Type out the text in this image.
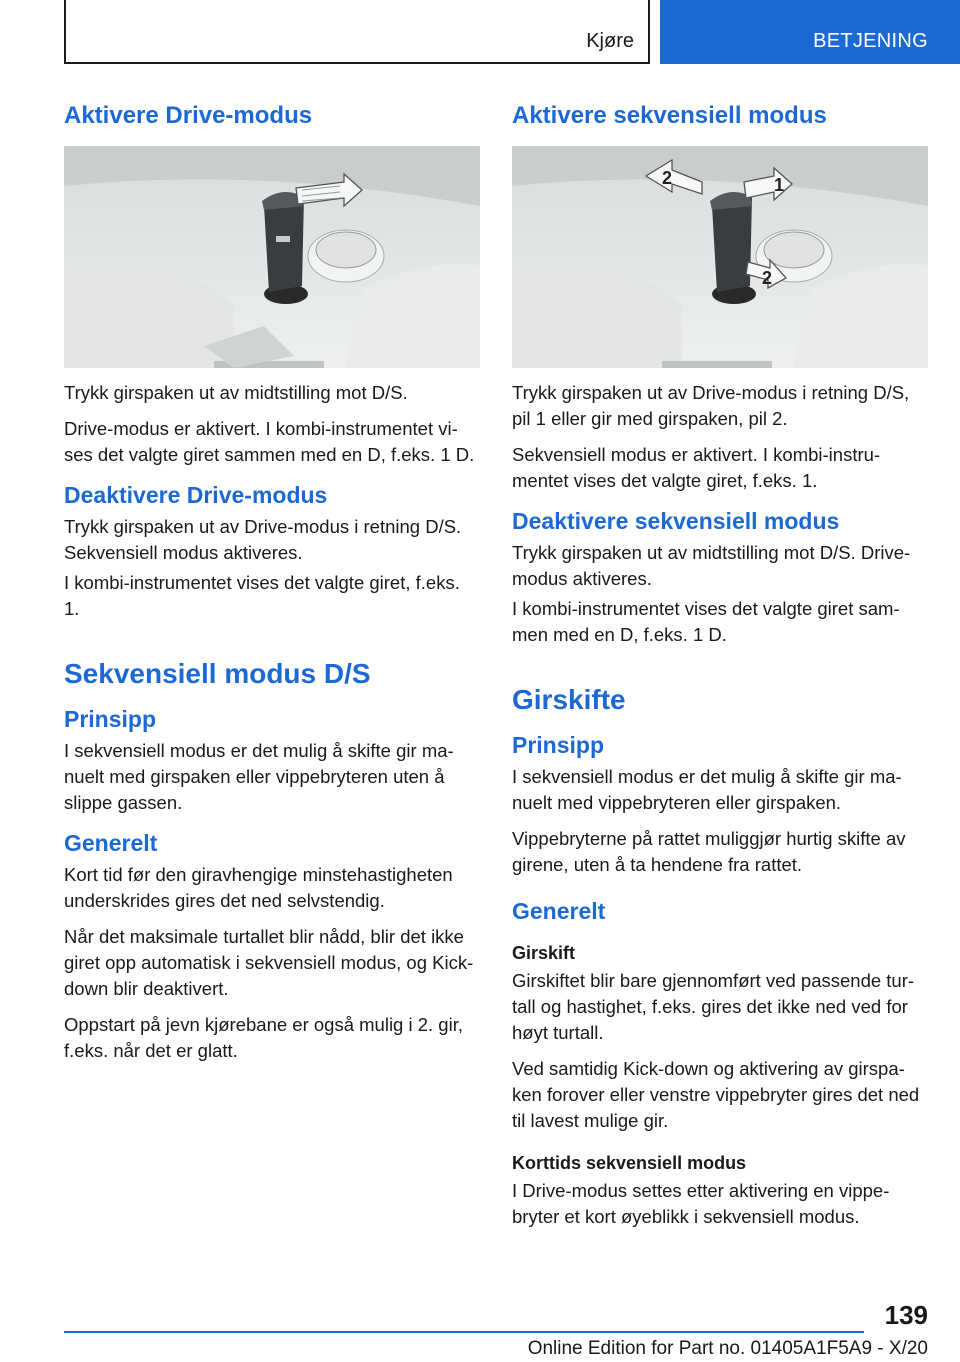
Kjøre	BETJENING
Aktivere Drive-modus

Trykk girspaken ut av midtstilling mot D/S.

Drive-modus er aktivert. I kombi-instrumentet vi-ses det valgte giret sammen med en D, f.eks. 1 D.

Deaktivere Drive-modus

Trykk girspaken ut av Drive-modus i retning D/S. Sekvensiell modus aktiveres.

I kombi-instrumentet vises det valgte giret, f.eks. 1.

Sekvensiell modus D/S
Prinsipp

I sekvensiell modus er det mulig å skifte gir ma-nuelt med girspaken eller vippebryteren uten å slippe gassen.

Generelt

Kort tid før den giravhengige minstehastigheten underskrides gires det ned selvstendig.

Når det maksimale turtallet blir nådd, blir det ikke giret opp automatisk i sekvensiell modus, og Kick-down blir deaktivert.

Oppstart på jevn kjørebane er også mulig i 2. gir, f.eks. når det er glatt.

Aktivere sekvensiell modus
1
2
2

Trykk girspaken ut av Drive-modus i retning D/S, pil 1 eller gir med girspaken, pil 2.

Sekvensiell modus er aktivert. I kombi-instru-mentet vises det valgte giret, f.eks. 1.

Deaktivere sekvensiell modus

Trykk girspaken ut av midtstilling mot D/S. Drive-modus aktiveres.

I kombi-instrumentet vises det valgte giret sam-men med en D, f.eks. 1 D.

Girskifte
Prinsipp

I sekvensiell modus er det mulig å skifte gir ma-nuelt med vippebryteren eller girspaken.

Vippebryterne på rattet muliggjør hurtig skifte av girene, uten å ta hendene fra rattet.

Generelt
Girskift

Girskiftet blir bare gjennomført ved passende tur-tall og hastighet, f.eks. gires det ikke ned ved for høyt turtall.

Ved samtidig Kick-down og aktivering av girspa-ken forover eller venstre vippebryter gires det ned til lavest mulige gir.

Korttids sekvensiell modus

I Drive-modus settes etter aktivering en vippe-bryter et kort øyeblikk i sekvensiell modus.

139
Online Edition for Part no. 01405A1F5A9 - X/20
